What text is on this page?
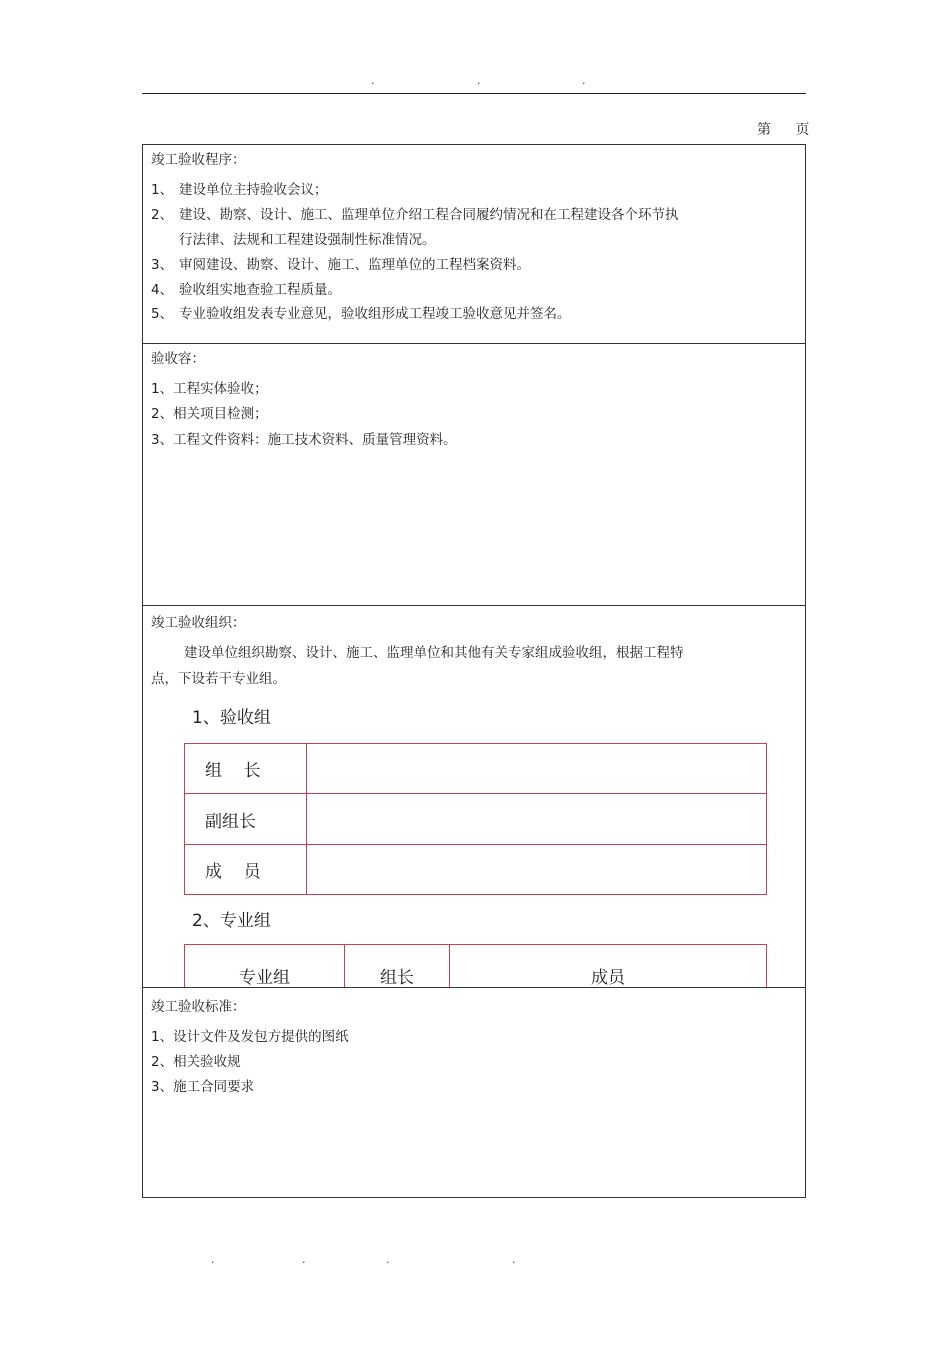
.	.	.
第 页
竣工验收程序：
1、 建设单位主持验收会议；
2、 建设、勘察、设计、施工、监理单位介绍工程合同履约情况和在工程建设各个环节执
行法律、法规和工程建设强制性标准情况。
3、 审阅建设、勘察、设计、施工、监理单位的工程档案资料。
4、 验收组实地查验工程质量。
5、 专业验收组发表专业意见，验收组形成工程竣工验收意见并签名。
验收容：
1、工程实体验收；
2、相关项目检测；
3、工程文件资料：施工技术资料、质量管理资料。
竣工验收组织：
建设单位组织勘察、设计、施工、监理单位和其他有关专家组成验收组，根据工程特
点，下设若干专业组。
1、验收组
组    长	
副组长	
成    员	
2、专业组
专业组	组长	成员
竣工验收标准：
1、设计文件及发包方提供的图纸
2、相关验收规
3、施工合同要求
.	.	.	.
